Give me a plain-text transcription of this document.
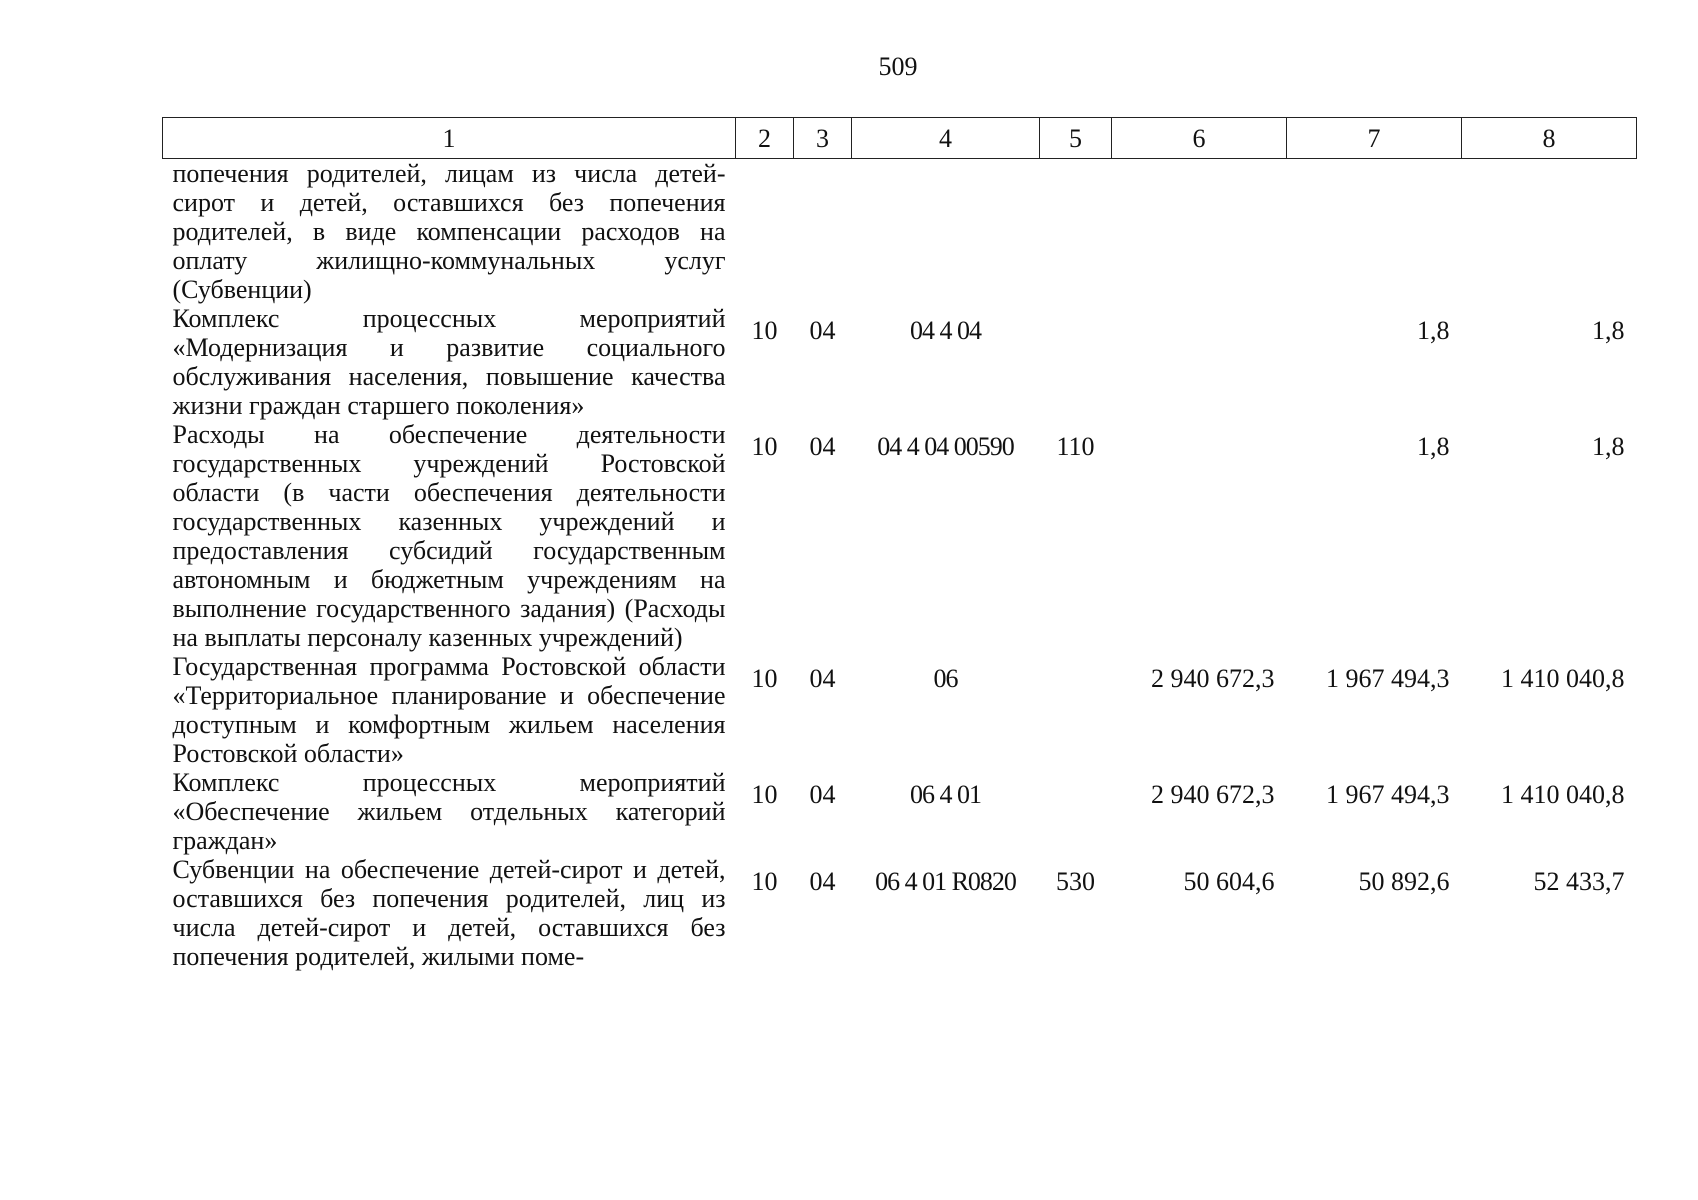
509
1	2	3	4	5	6	7	8
попечения родителей, лицам из числа детей-сирот и детей, оставшихся без попечения родителей, в виде компенсации расходов на оплату жилищно-коммунальных услуг (Субвенции)							
Комплекс процессных мероприятий «Модернизация и развитие социального обслуживания населения, повышение качества жизни граждан старшего поколения»	10	04	04 4 04			1,8	1,8
Расходы на обеспечение деятельности государственных учреждений Ростовской области (в части обеспечения деятельности государственных казенных учреждений и предоставления субсидий государственным автономным и бюджетным учреждениям на выполнение государственного задания) (Расходы на выплаты персоналу казенных учреждений)	10	04	04 4 04 00590	110		1,8	1,8
Государственная программа Ростовской области «Территориальное планирование и обеспечение доступным и комфортным жильем населения Ростовской области»	10	04	06		2 940 672,3	1 967 494,3	1 410 040,8
Комплекс процессных мероприятий «Обеспечение жильем отдельных категорий граждан»	10	04	06 4 01		2 940 672,3	1 967 494,3	1 410 040,8
Субвенции на обеспечение детей-сирот и детей, оставшихся без попечения родителей, лиц из числа детей-сирот и детей, оставшихся без попечения родителей, жилыми поме-	10	04	06 4 01 R0820	530	50 604,6	50 892,6	52 433,7
